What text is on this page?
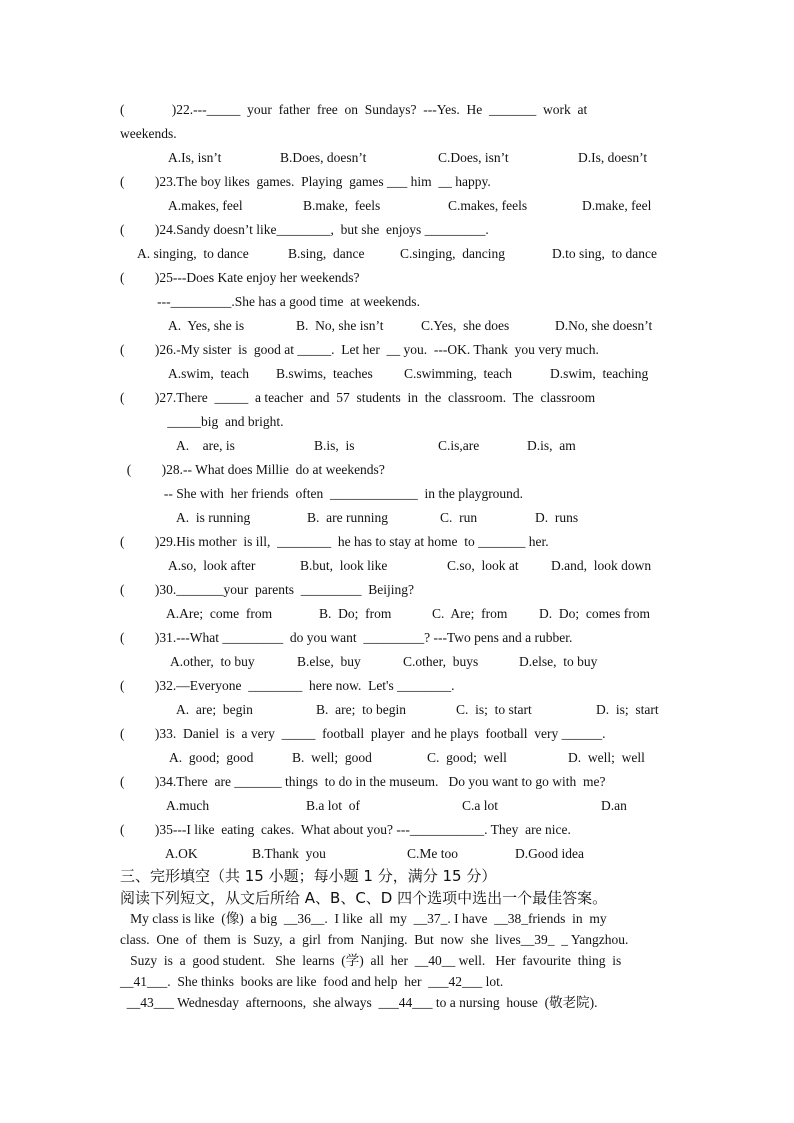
(              )22.---_____  your  father  free  on  Sundays?  ---Yes.  He  _______  work  at
weekends.

A.Is, isn’t

	B.Does, doesn’t

	C.Does, isn’t

	D.Is, doesn’t

(         )23.The boy likes  games.  Playing  games ___ him  __ happy.

A.makes, feel

	B.make,  feels

	C.makes, feels

	D.make, feel

(         )24.Sandy doesn’t like________,  but she  enjoys _________.

A. singing,  to dance

	B.sing,  dance

	C.singing,  dancing

	D.to sing,  to dance

(         )25---Does Kate enjoy her weekends?
---_________.She has a good time  at weekends.

A.  Yes, she is

	B.  No, she isn’t

	C.Yes,  she does

	D.No, she doesn’t

(         )26.-My sister  is  good at _____.  Let her  __ you.  ---OK. Thank  you very much.

A.swim,  teach

B.swims,  teaches

C.swimming,  teach

	D.swim,  teaching

(         )27.There  _____  a teacher  and  57  students  in  the  classroom.  The  classroom
_____big  and bright.

A.    are, is

	B.is,  is

	C.is,are

	D.is,  am

(         )28.-- What does Millie  do at weekends?
-- She with  her friends  often  _____________  in the playground.

A.  is running

	B.  are running

	C.  run

	D.  runs

(         )29.His mother  is ill,  ________  he has to stay at home  to _______ her.

A.so,  look after

	B.but,  look like

	C.so,  look at

D.and,  look down

(         )30._______your  parents  _________  Beijing?

A.Are;  come  from

	B.  Do;  from

	C.  Are;  from

D.  Do;  comes from

(         )31.---What _________  do you want  _________? ---Two pens and a rubber.

A.other,  to buy

	B.else,  buy

	C.other,  buys

	D.else,  to buy

(         )32.—Everyone  ________  here now.  Let's ________.

A.  are;  begin

	B.  are;  to begin

	C.  is;  to start

	D.  is;  start

(         )33.  Daniel  is  a very  _____  football  player  and he plays  football  very ______.

A.  good;  good

	B.  well;  good

	C.  good;  well

	D.  well;  well

(         )34.There  are _______ things  to do in the museum.   Do you want to go with  me?

A.much

	B.a lot  of

	C.a lot

	D.an

(         )35---I like  eating  cakes.  What about you? ---___________. They  are nice.

A.OK

	B.Thank  you

	C.Me too

	D.Good idea

三、完形填空（共 15 小题；每小题 1 分，满分 15 分）
阅读下列短文，从文后所给 A、B、C、D 四个选项中选出一个最佳答案。
My class is like  (像)  a big  __36__.  I like  all  my  __37_. I have  __38_friends  in  my
class.  One  of  them  is  Suzy,  a  girl  from  Nanjing.  But  now  she  lives__39_  _ Yangzhou.
Suzy  is  a  good student.   She  learns  (学)  all  her  __40__ well.   Her  favourite  thing  is
__41___.  She thinks  books are like  food and help  her  ___42___ lot.
__43___ Wednesday  afternoons,  she always  ___44___ to a nursing  house  (敬老院).
